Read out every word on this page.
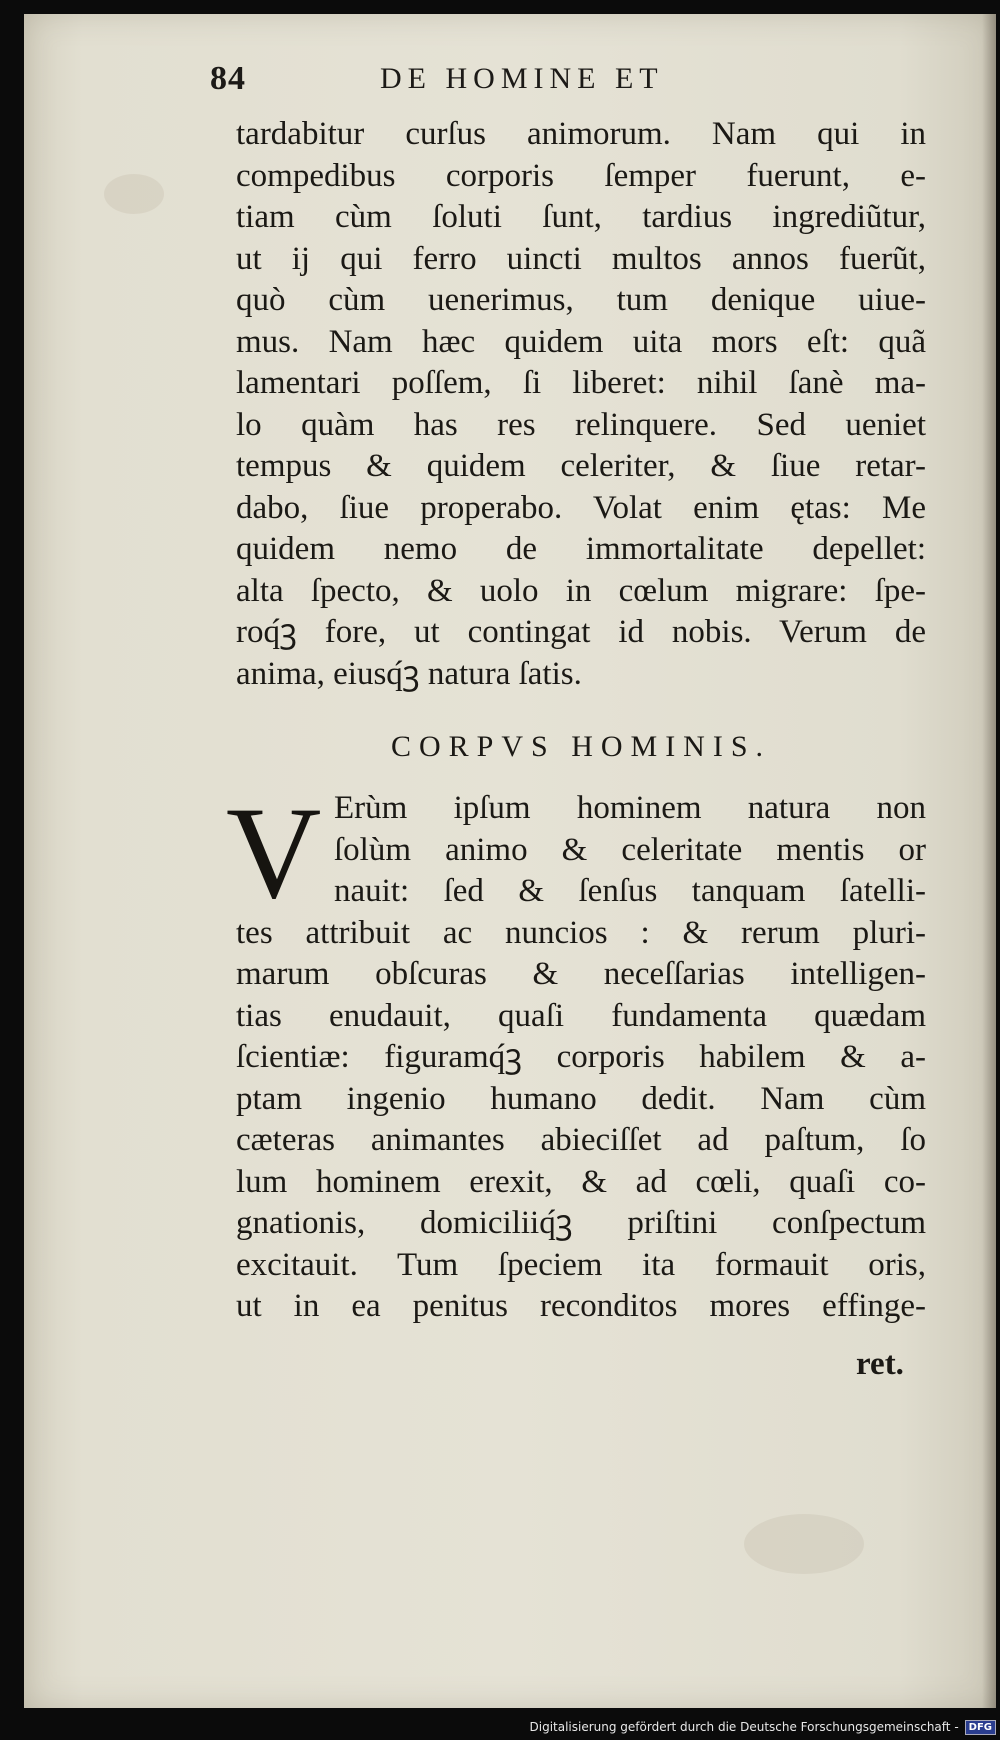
84	DE HOMINE ET
tardabitur curſus animorum. Nam qui in
compedibus corporis ſemper fuerunt, e-
tiam cùm ſoluti ſunt, tardius ingrediũtur,
ut ij qui ferro uincti multos annos fuerũt,
quò cùm uenerimus, tum denique uiue-
mus. Nam hæc quidem uita mors eſt: quã
lamentari poſſem, ſi liberet: nihil ſanè ma-
lo quàm has res relinquere. Sed ueniet
tempus & quidem celeriter, & ſiue retar-
dabo, ſiue properabo. Volat enim ętas: Me
quidem nemo de immortalitate depellet:
alta ſpecto, & uolo in cœlum migrare: ſpe-
roq́ꝫ fore, ut contingat id nobis. Verum de
anima, eiusq́ꝫ natura ſatis.
CORPVS HOMINIS.
V Erùm ipſum hominem natura non
ſolùm animo & celeritate mentis or
nauit: ſed & ſenſus tanquam ſatelli-
tes attribuit ac nuncios : & rerum pluri-
marum obſcuras & neceſſarias intelligen-
tias enudauit, quaſi fundamenta quædam
ſcientiæ: figuramq́ꝫ corporis habilem & a-
ptam ingenio humano dedit. Nam cùm
cæteras animantes abieciſſet ad paſtum, ſo
lum hominem erexit, & ad cœli, quaſi co-
gnationis, domiciliiq́ꝫ priſtini conſpectum
excitauit. Tum ſpeciem ita formauit oris,
ut in ea penitus reconditos mores effinge-
ret.
Digitalisierung gefördert durch die Deutsche Forschungsgemeinschaft -	DFG
